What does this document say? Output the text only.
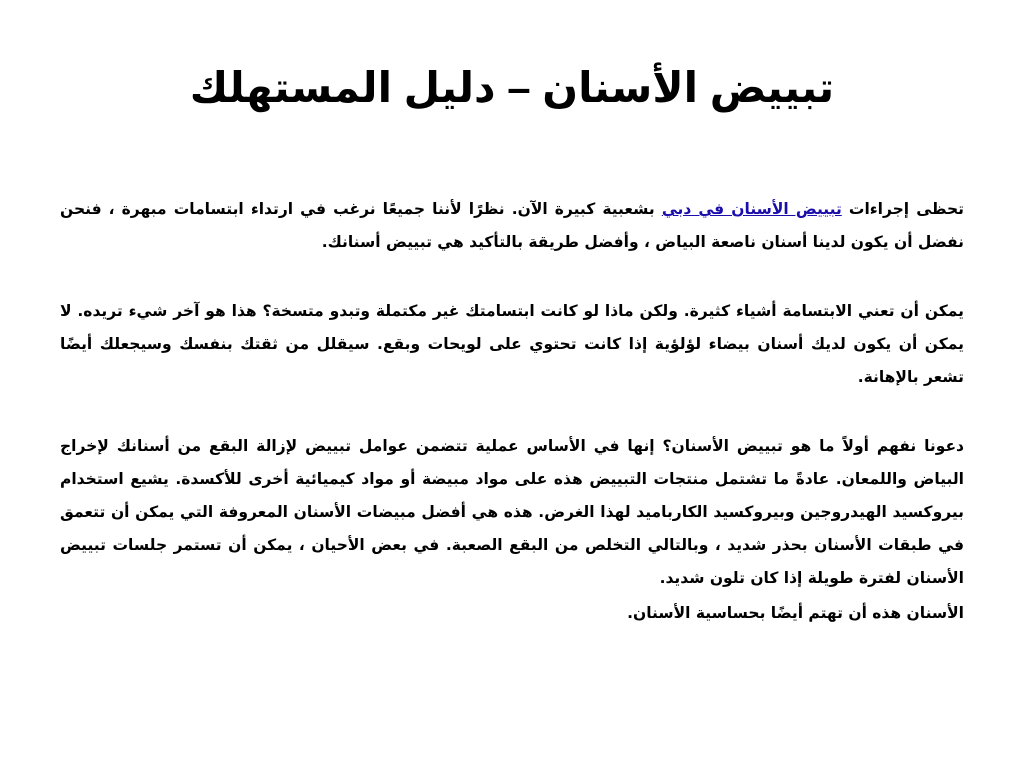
تبييض الأسنان – دليل المستهلك

تحظى إجراءات تبييض الأسنان في دبي بشعبية كبيرة الآن. نظرًا لأننا جميعًا نرغب في ارتداء ابتسامات مبهرة ، فنحن نفضل أن يكون لدينا أسنان ناصعة البياض ، وأفضل طريقة بالتأكيد هي تبييض أسنانك.

يمكن أن تعني الابتسامة أشياء كثيرة. ولكن ماذا لو كانت ابتسامتك غير مكتملة وتبدو متسخة؟ هذا هو آخر شيء تريده. لا يمكن أن يكون لديك أسنان بيضاء لؤلؤية إذا كانت تحتوي على لويحات وبقع. سيقلل من ثقتك بنفسك وسيجعلك أيضًا تشعر بالإهانة.

دعونا نفهم أولاً ما هو تبييض الأسنان؟ إنها في الأساس عملية تتضمن عوامل تبييض لإزالة البقع من أسنانك لإخراج البياض واللمعان. عادةً ما تشتمل منتجات التبييض هذه على مواد مبيضة أو مواد كيميائية أخرى للأكسدة. يشيع استخدام بيروكسيد الهيدروجين وبيروكسيد الكارباميد لهذا الغرض. هذه هي أفضل مبيضات الأسنان المعروفة التي يمكن أن تتعمق في طبقات الأسنان بحذر شديد ، وبالتالي التخلص من البقع الصعبة. في بعض الأحيان ، يمكن أن تستمر جلسات تبييض الأسنان لفترة طويلة إذا كان تلون شديد.

الأسنان هذه أن تهتم أيضًا بحساسية الأسنان.
